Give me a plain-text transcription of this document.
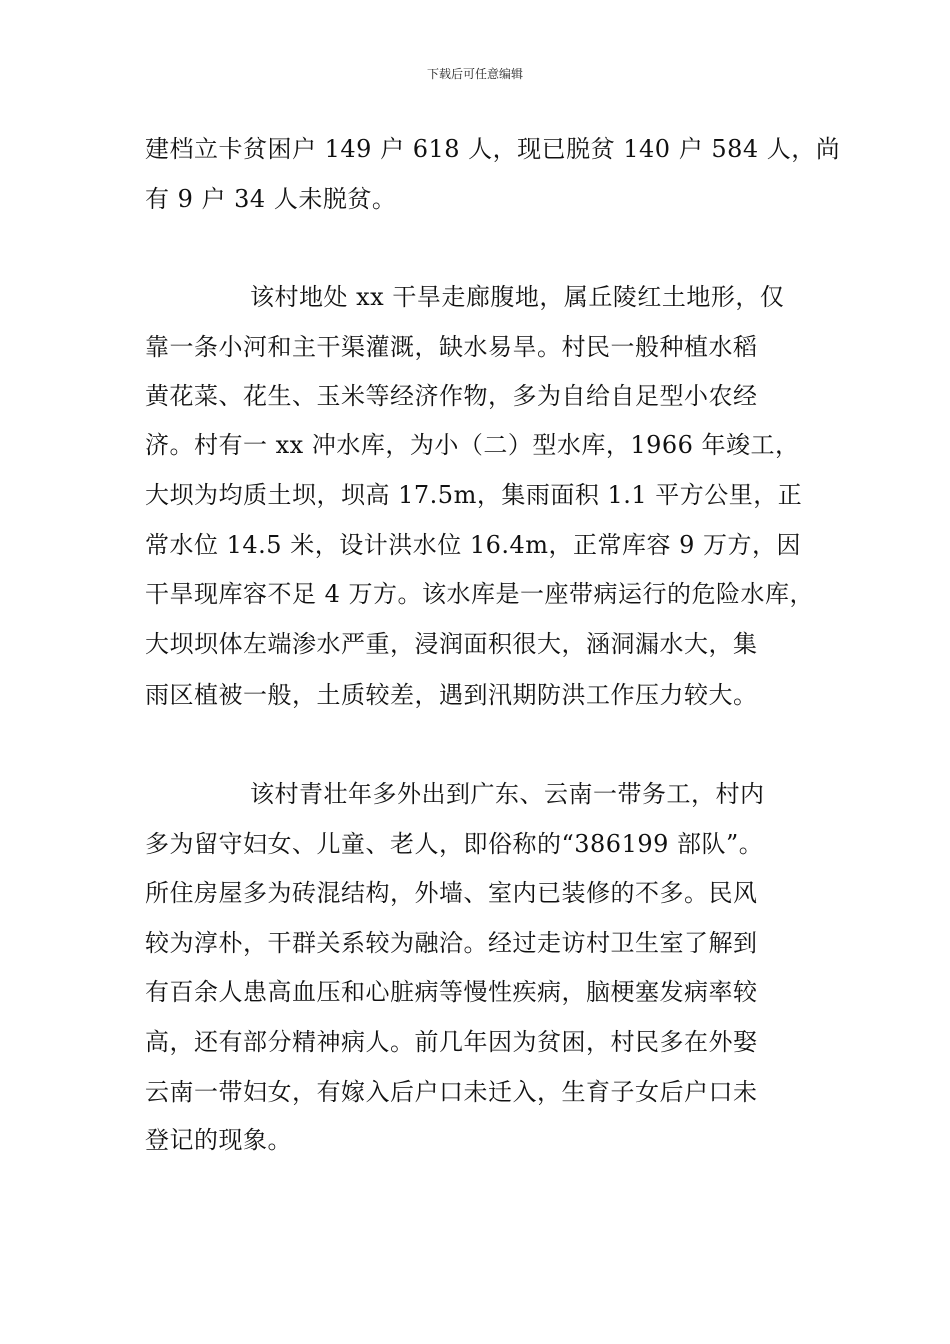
下载后可任意编辑
建档立卡贫困户 149 户 618 人，现已脱贫 140 户 584 人，尚
有 9 户 34 人未脱贫。
该村地处 xx 干旱走廊腹地，属丘陵红土地形，仅
靠一条小河和主干渠灌溉，缺水易旱。村民一般种植水稻
黄花菜、花生、玉米等经济作物，多为自给自足型小农经
济。村有一 xx 冲水库，为小（二）型水库，1966 年竣工，
大坝为均质土坝，坝高 17.5m，集雨面积 1.1 平方公里，正
常水位 14.5 米，设计洪水位 16.4m，正常库容 9 万方，因
干旱现库容不足 4 万方。该水库是一座带病运行的危险水库，
大坝坝体左端渗水严重，浸润面积很大，涵洞漏水大，集
雨区植被一般，土质较差，遇到汛期防洪工作压力较大。
该村青壮年多外出到广东、云南一带务工，村内
多为留守妇女、儿童、老人，即俗称的“386199 部队”。
所住房屋多为砖混结构，外墙、室内已装修的不多。民风
较为淳朴，干群关系较为融洽。经过走访村卫生室了解到
有百余人患高血压和心脏病等慢性疾病，脑梗塞发病率较
高，还有部分精神病人。前几年因为贫困，村民多在外娶
云南一带妇女，有嫁入后户口未迁入，生育子女后户口未
登记的现象。
